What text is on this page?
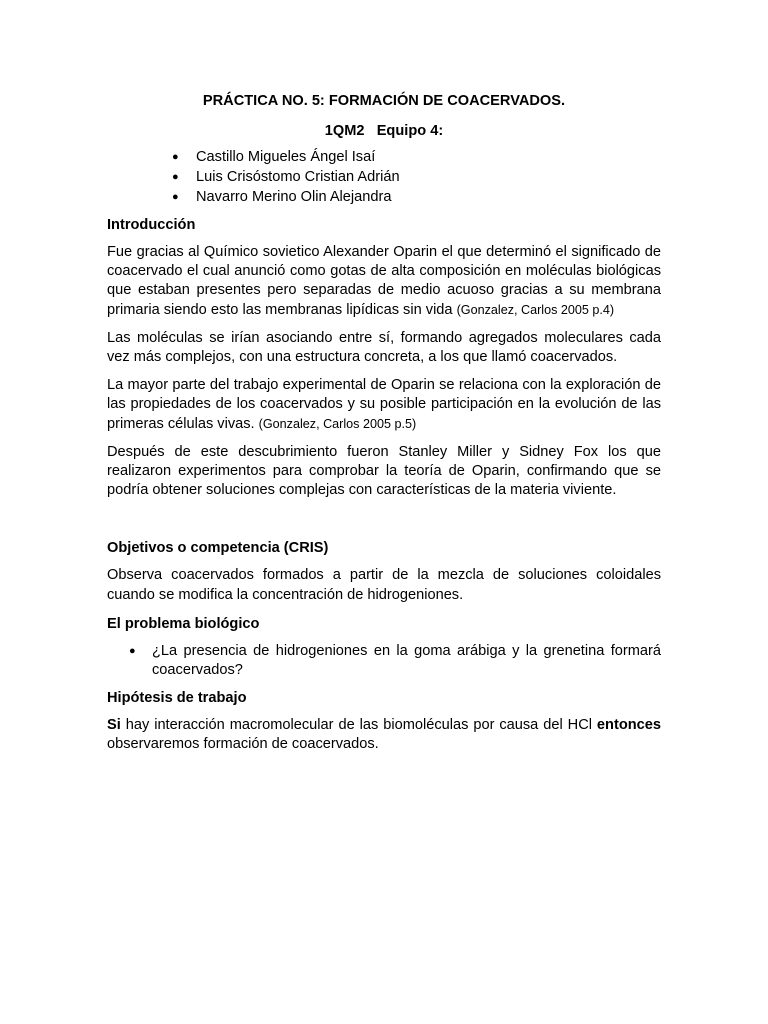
PRÁCTICA NO. 5: FORMACIÓN DE COACERVADOS.

1QM2   Equipo 4:

● Castillo Migueles Ángel Isaí
● Luis Crisóstomo Cristian Adrián
● Navarro Merino Olin Alejandra
Introducción

Fue gracias al Químico sovietico Alexander Oparin el que determinó el significado de coacervado el cual anunció como gotas de alta composición en moléculas biológicas que estaban presentes pero separadas de medio acuoso gracias a su membrana primaria siendo esto las membranas lipídicas sin vida (Gonzalez, Carlos 2005 p.4)

Las moléculas se irían asociando entre sí, formando agregados moleculares cada vez más complejos, con una estructura concreta, a los que llamó coacervados.

La mayor parte del trabajo experimental de Oparin se relaciona con la exploración de las propiedades de los coacervados y su posible participación en la evolución de las primeras células vivas. (Gonzalez, Carlos 2005 p.5)

Después de este descubrimiento fueron Stanley Miller y Sidney Fox los que realizaron experimentos para comprobar la teoría de Oparin, confirmando que se podría obtener soluciones complejas con características de la materia viviente.

Objetivos o competencia (CRIS)

Observa coacervados formados a partir de la mezcla de soluciones coloidales cuando se modifica la concentración de hidrogeniones.

El problema biológico
● ¿La presencia de hidrogeniones en la goma arábiga y la grenetina formará coacervados?
Hipótesis de trabajo

Si hay interacción macromolecular de las biomoléculas por causa del HCl entonces observaremos formación de coacervados.
